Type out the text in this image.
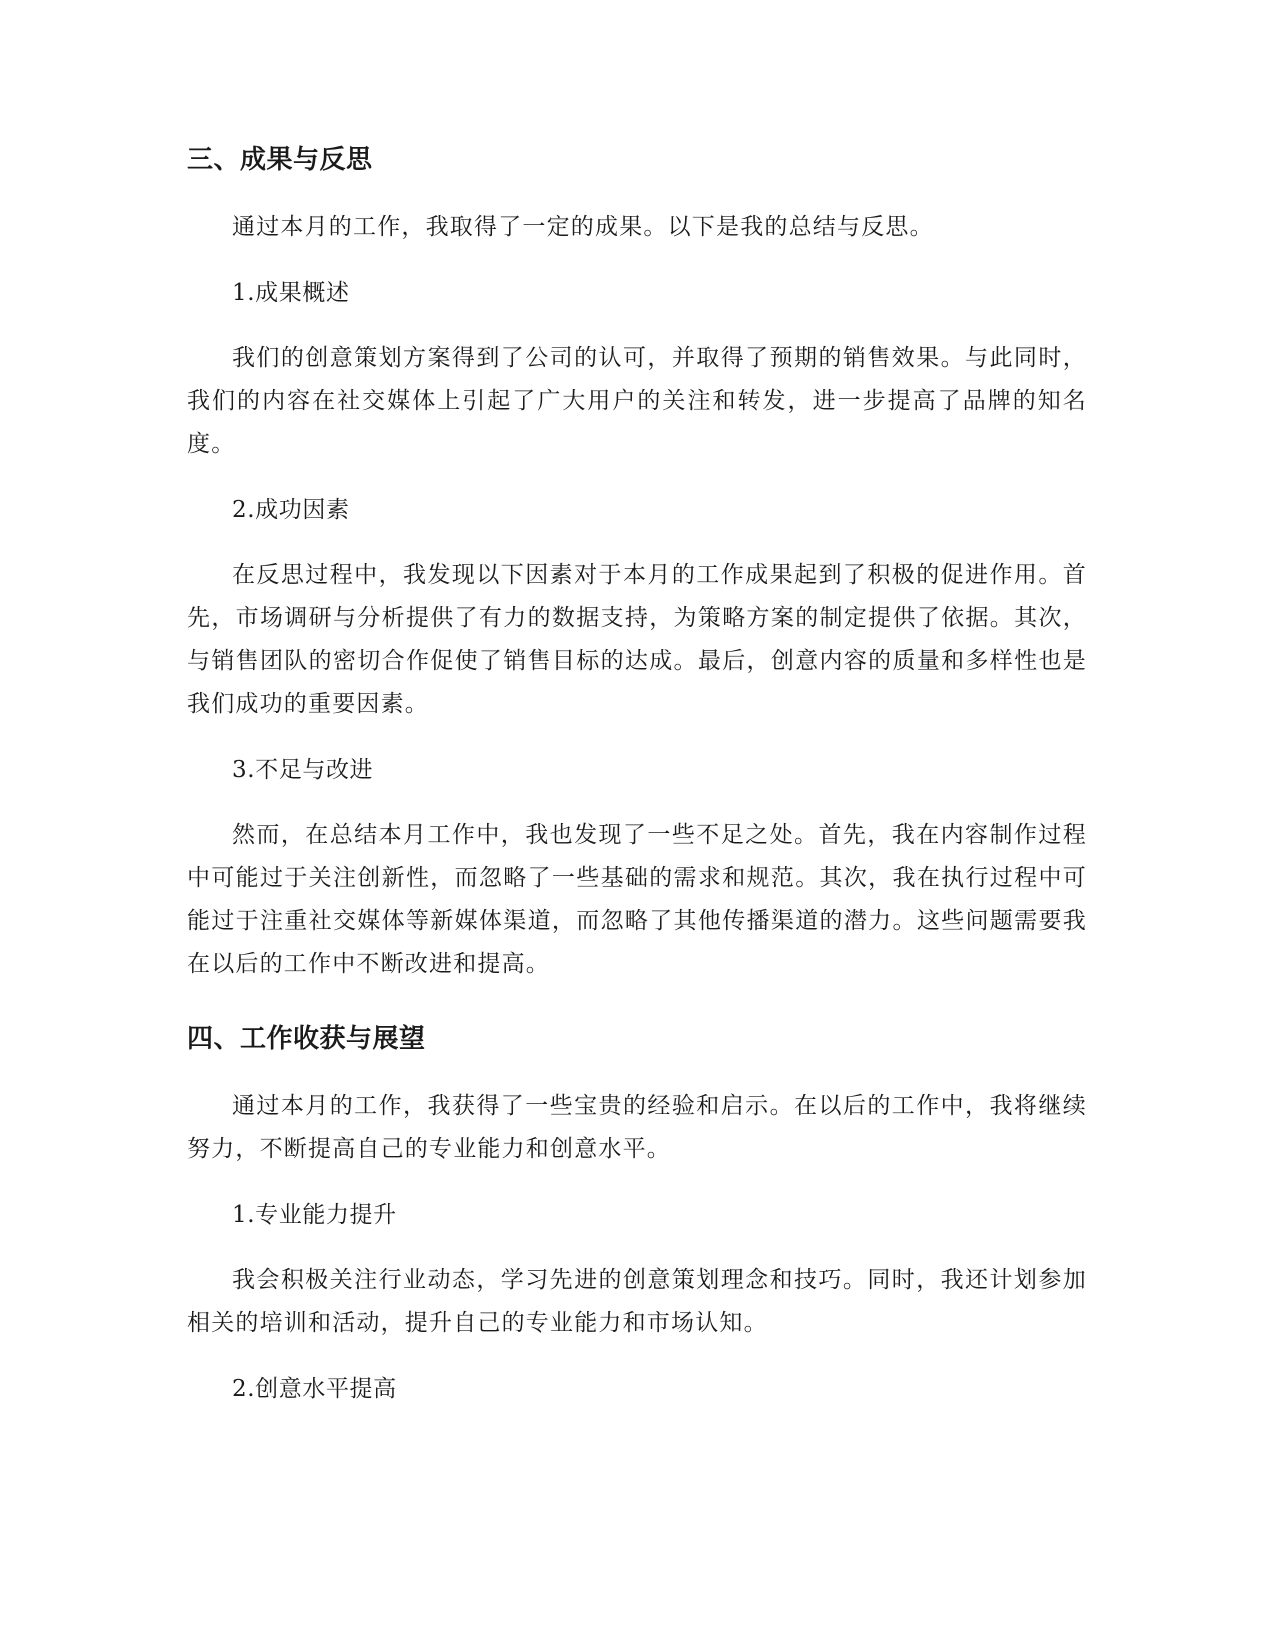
三、成果与反思

通过本月的工作，我取得了一定的成果。以下是我的总结与反思。

1.成果概述

我们的创意策划方案得到了公司的认可，并取得了预期的销售效果。与此同时，我们的内容在社交媒体上引起了广大用户的关注和转发，进一步提高了品牌的知名度。

2.成功因素

在反思过程中，我发现以下因素对于本月的工作成果起到了积极的促进作用。首先，市场调研与分析提供了有力的数据支持，为策略方案的制定提供了依据。其次，与销售团队的密切合作促使了销售目标的达成。最后，创意内容的质量和多样性也是我们成功的重要因素。

3.不足与改进

然而，在总结本月工作中，我也发现了一些不足之处。首先，我在内容制作过程中可能过于关注创新性，而忽略了一些基础的需求和规范。其次，我在执行过程中可能过于注重社交媒体等新媒体渠道，而忽略了其他传播渠道的潜力。这些问题需要我在以后的工作中不断改进和提高。

四、工作收获与展望

通过本月的工作，我获得了一些宝贵的经验和启示。在以后的工作中，我将继续努力，不断提高自己的专业能力和创意水平。

1.专业能力提升

我会积极关注行业动态，学习先进的创意策划理念和技巧。同时，我还计划参加相关的培训和活动，提升自己的专业能力和市场认知。

2.创意水平提高
